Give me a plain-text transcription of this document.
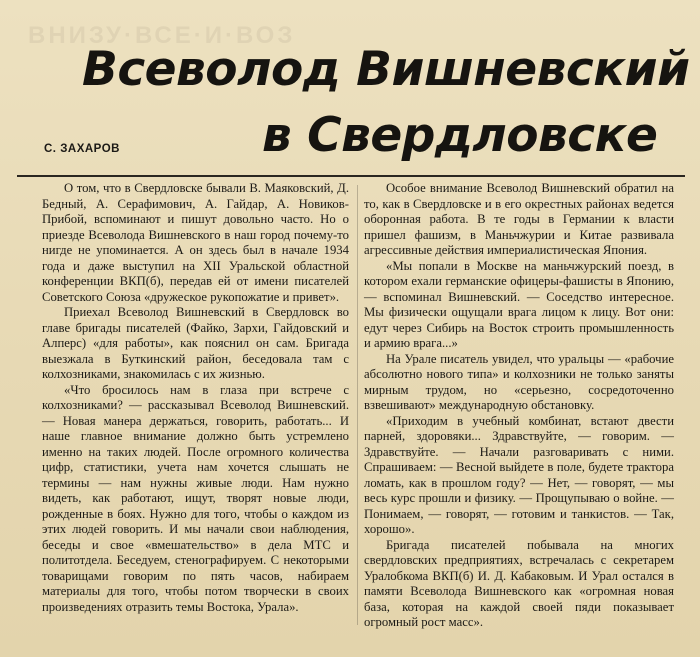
ВНИЗУ·ВСЕ·И·ВОЗ
Всеволод Вишневский
в Свердловске
С. ЗАХАРОВ

О том, что в Свердловске бывали В. Маяковский, Д. Бедный, А. Серафимович, А. Гайдар, А. Новиков-Прибой, вспоминают и пишут довольно часто. Но о приезде Всеволода Вишневского в наш город почему-то нигде не упоминается. А он здесь был в начале 1934 года и даже выступил на XII Уральской областной конференции ВКП(б), передав ей от имени писателей Советского Союза «дружеское рукопожатие и привет».

Приехал Всеволод Вишневский в Свердловск во главе бригады писателей (Файко, Зархи, Гайдовский и Алперс) «для работы», как пояснил он сам. Бригада выезжала в Буткинский район, беседовала там с колхозниками, знакомилась с их жизнью.

«Что бросилось нам в глаза при встрече с колхозниками? — рассказывал Всеволод Вишневский. — Новая манера держаться, говорить, работать... И наше главное внимание должно быть устремлено именно на таких людей. После огромного количества цифр, статистики, учета нам хочется слышать не термины — нам нужны живые люди. Нам нужно видеть, как работают, ищут, творят новые люди, рожденные в боях. Нужно для того, чтобы о каждом из этих людей говорить. И мы начали свои наблюдения, беседы и свое «вмешательство» в дела МТС и политотдела. Беседуем, стенографируем. С некоторыми товарищами говорим по пять часов, набираем материалы для того, чтобы потом творчески в своих произведениях отразить темы Востока, Урала».

Особое внимание Всеволод Вишневский обратил на то, как в Свердловске и в его окрестных районах ведется оборонная работа. В те годы в Германии к власти пришел фашизм, в Маньчжурии и Китае развивала агрессивные действия империалистическая Япония.

«Мы попали в Москве на маньчжурский поезд, в котором ехали германские офицеры-фашисты в Японию, — вспоминал Вишневский. — Соседство интересное. Мы физически ощущали врага лицом к лицу. Вот они: едут через Сибирь на Восток строить промышленность и армию врага...»

На Урале писатель увидел, что уральцы — «рабочие абсолютно нового типа» и колхозники не только заняты мирным трудом, но «серьезно, сосредоточенно взвешивают» международную обстановку.

«Приходим в учебный комбинат, встают двести парней, здоровяки... Здравствуйте, — говорим. — Здравствуйте. — Начали разговаривать с ними. Спрашиваем: — Весной выйдете в поле, будете трактора ломать, как в прошлом году? — Нет, — говорят, — мы весь курс прошли и физику. — Прощупываю о войне. — Понимаем, — говорят, — готовим и танкистов. — Так, хорошо».

Бригада писателей побывала на многих свердловских предприятиях, встречалась с секретарем Уралобкома ВКП(б) И. Д. Кабаковым. И Урал остался в памяти Всеволода Вишневского как «огромная новая база, которая на каждой своей пяди показывает огромный рост масс».
